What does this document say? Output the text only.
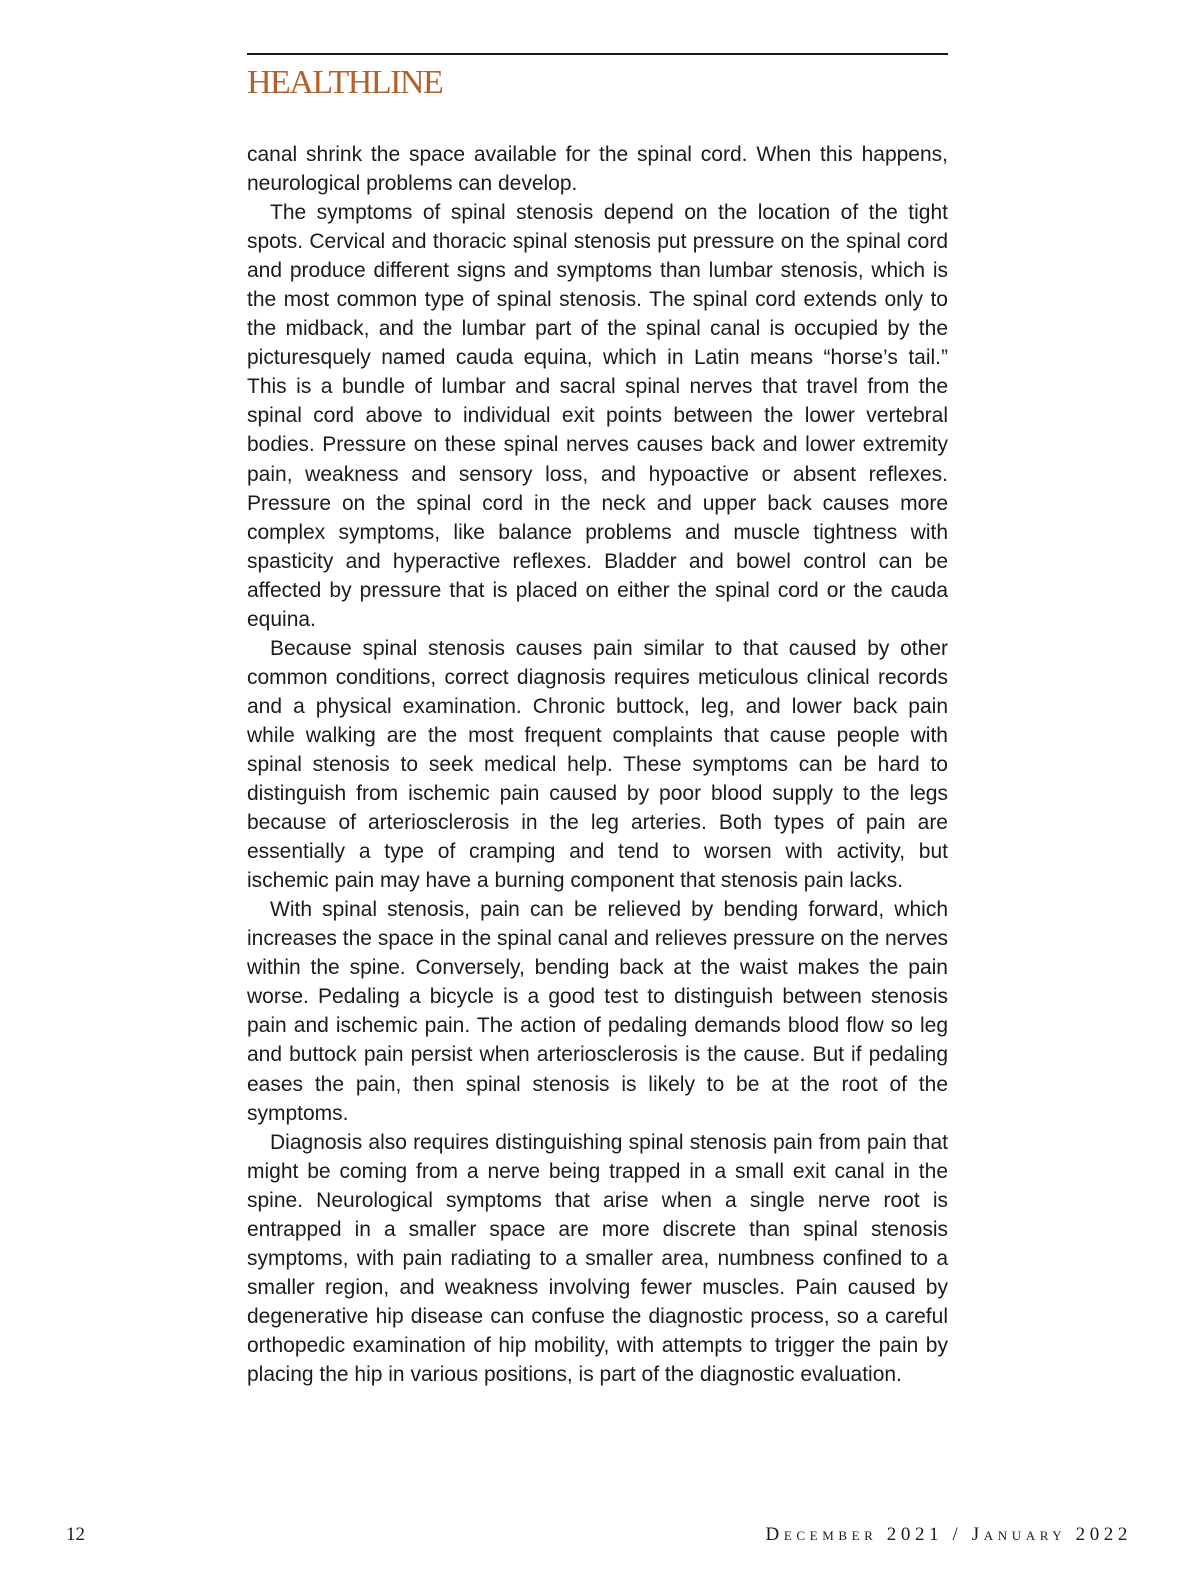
HEALTHLINE

canal shrink the space available for the spinal cord. When this happens, neurological problems can develop.

The symptoms of spinal stenosis depend on the location of the tight spots. Cervical and thoracic spinal stenosis put pressure on the spinal cord and produce different signs and symptoms than lumbar stenosis, which is the most common type of spinal stenosis. The spinal cord extends only to the midback, and the lumbar part of the spinal canal is occupied by the picturesquely named cauda equina, which in Latin means “horse’s tail.” This is a bundle of lumbar and sacral spinal nerves that travel from the spinal cord above to individual exit points between the lower vertebral bodies. Pressure on these spinal nerves causes back and lower extremity pain, weakness and sensory loss, and hypoactive or absent reflexes. Pressure on the spinal cord in the neck and upper back causes more complex symptoms, like balance problems and muscle tightness with spasticity and hyperactive reflexes. Bladder and bowel control can be affected by pressure that is placed on either the spinal cord or the cauda equina.

Because spinal stenosis causes pain similar to that caused by other common conditions, correct diagnosis requires meticulous clinical records and a physical examination. Chronic buttock, leg, and lower back pain while walking are the most frequent complaints that cause people with spinal stenosis to seek medical help. These symptoms can be hard to distinguish from ischemic pain caused by poor blood supply to the legs because of arteriosclerosis in the leg arteries. Both types of pain are essentially a type of cramping and tend to worsen with activity, but ischemic pain may have a burning component that stenosis pain lacks.

With spinal stenosis, pain can be relieved by bending forward, which increases the space in the spinal canal and relieves pressure on the nerves within the spine. Conversely, bending back at the waist makes the pain worse. Pedaling a bicycle is a good test to distinguish between stenosis pain and ischemic pain. The action of pedaling demands blood flow so leg and buttock pain persist when arteriosclerosis is the cause. But if pedaling eases the pain, then spinal stenosis is likely to be at the root of the symptoms.

Diagnosis also requires distinguishing spinal stenosis pain from pain that might be coming from a nerve being trapped in a small exit canal in the spine. Neurological symptoms that arise when a single nerve root is entrapped in a smaller space are more discrete than spinal stenosis symptoms, with pain radiating to a smaller area, numbness confined to a smaller region, and weakness involving fewer muscles. Pain caused by degenerative hip disease can confuse the diagnostic process, so a careful orthopedic examination of hip mobility, with attempts to trigger the pain by placing the hip in various positions, is part of the diagnostic evaluation.

12	December 2021 / January 2022
